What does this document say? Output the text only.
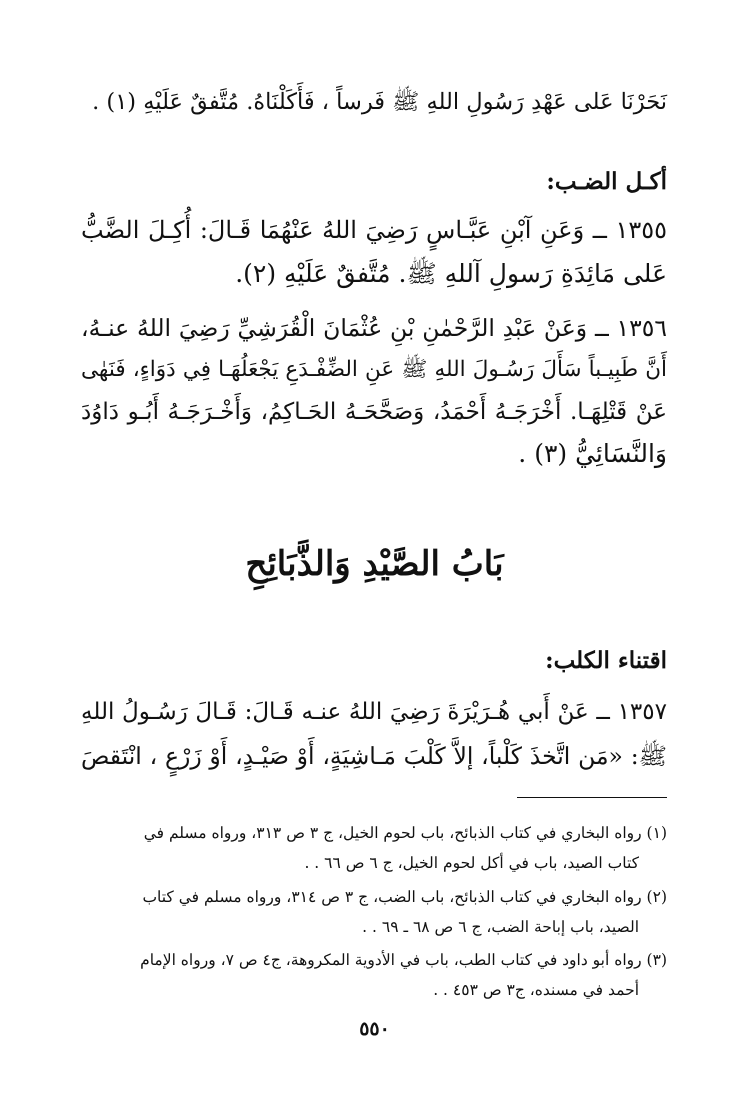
نَحَرْنَا عَلى عَهْدِ رَسُولِ اللهِ ﷺ فَرساً ، فَأَكَلْنَاهُ. مُتَّفقٌ عَلَيْهِ (١) .
أكـل الضـب:
١٣٥٥ ــ وَعَنِ آبْنِ عَبَّـاسٍ رَضِيَ اللهُ عَنْهُمَا قَـالَ: أُكِـلَ الضَّبُّ
عَلى مَائِدَةِ رَسولِ آللهِ ﷺ. مُتَّفقٌ عَلَيْهِ (٢).
١٣٥٦ ــ وَعَنْ عَبْدِ الرَّحْمٰنِ بْنِ عُثْمَانَ الْقُرَشِيِّ رَضِيَ اللهُ عنـهُ،
أَنَّ طَبِيـباً سَأَلَ رَسُـولَ اللهِ ﷺ عَنِ الضِّفْـدَعِ يَجْعَلُهَـا فِي دَوَاءٍ، فَنَهٰى
عَنْ قَتْلِهَـا. أَخْرَجَـهُ أَحْمَدُ، وَصَحَّحَـهُ الحَـاكِمُ، وَأَخْـرَجَـهُ أَبُـو دَاوُدَ
وَالنَّسَائِيُّ (٣) .
بَابُ الصَّيْدِ وَالذَّبَائِحِ
اقتناء الكلب:
١٣٥٧ ــ عَنْ أَبي هُـرَيْرَةَ رَضِيَ اللهُ عنـه قَـالَ: قَـالَ رَسُـولُ اللهِ
ﷺ: «مَن اتَّخذَ كَلْباً، إلاَّ كَلْبَ مَـاشِيَةٍ، أَوْ صَيْـدٍ، أَوْ زَرْعٍ ، انْتَقصَ
(١) رواه البخاري في كتاب الذبائح، باب لحوم الخيل، ج ٣ ص ٣١٣، ورواه مسلم في
كتاب الصيد، باب في أكل لحوم الخيل، ج ٦ ص ٦٦ . .
(٢) رواه البخاري في كتاب الذبائح، باب الضب، ج ٣ ص ٣١٤، ورواه مسلم في كتاب
الصيد، باب إباحة الضب، ج ٦ ص ٦٨ ـ ٦٩ . .
(٣) رواه أبو داود في كتاب الطب، باب في الأدوية المكروهة، ج٤ ص ٧، ورواه الإمام
أحمد في مسنده، ج٣ ص ٤٥٣ . .
٥٥٠
